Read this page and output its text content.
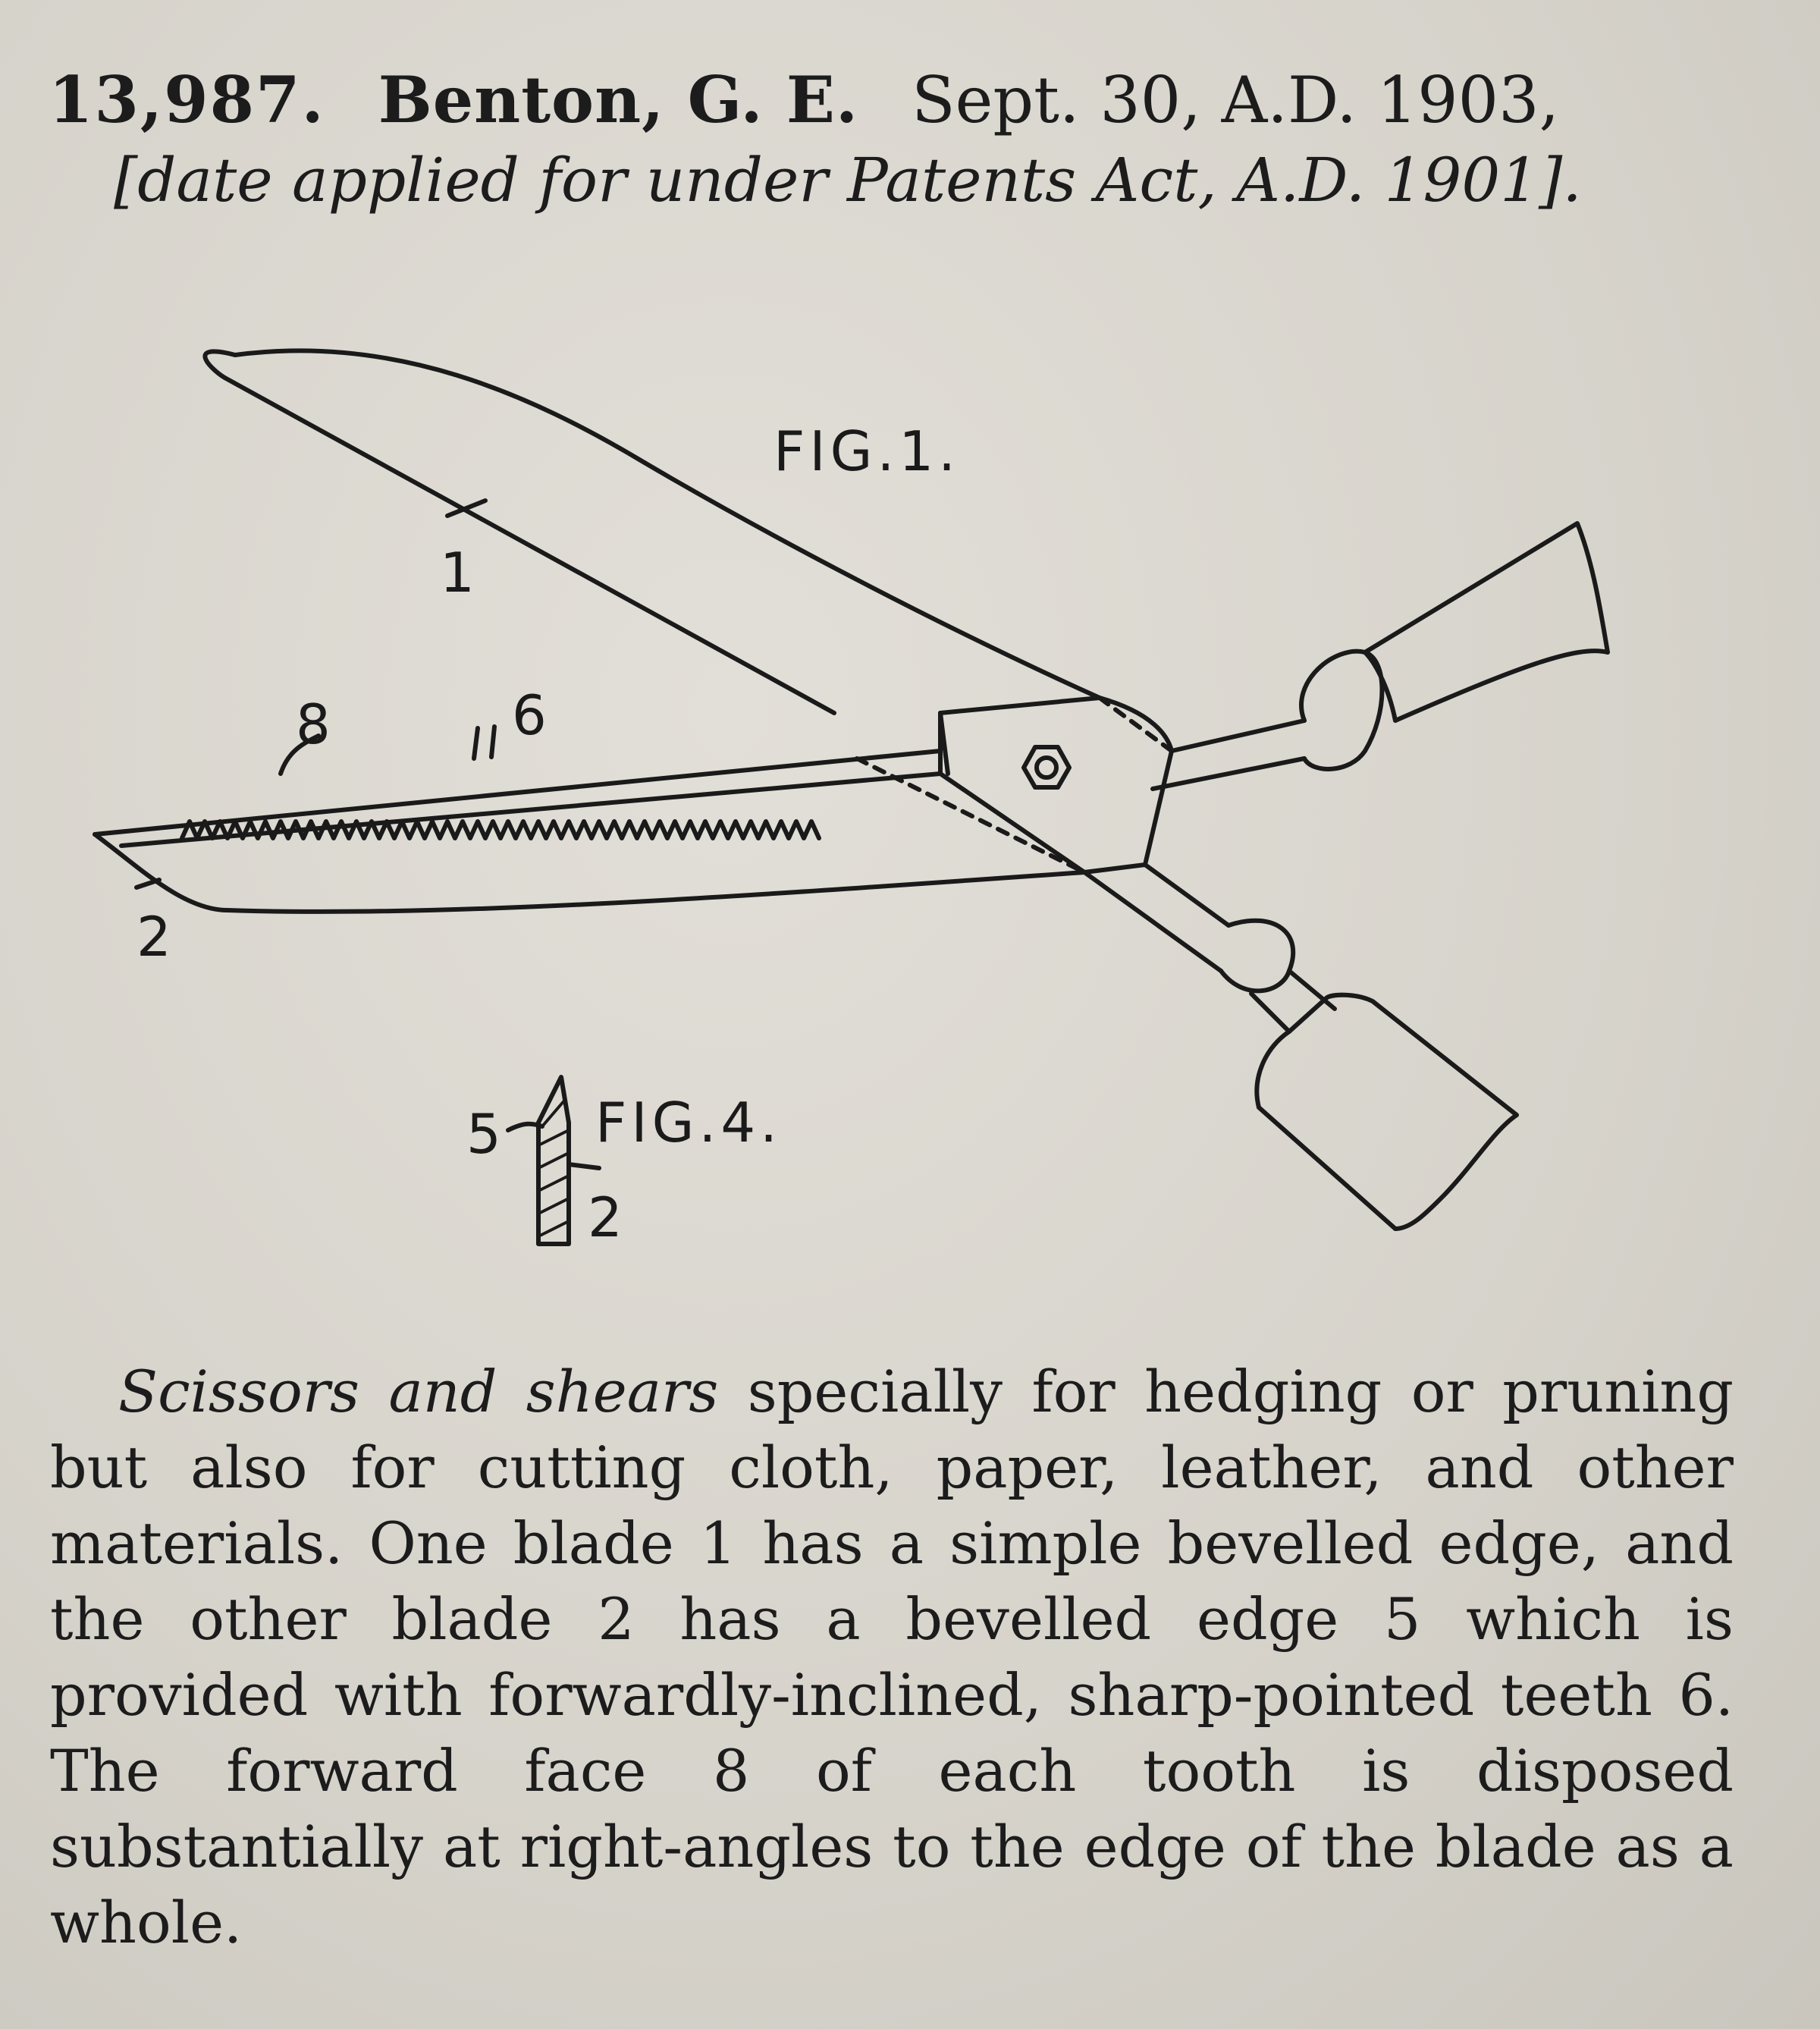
13,987. Benton, G. E. Sept. 30, A.D. 1903,
[date applied for under Patents Act, A.D. 1901].
FIG.1.
1
8	6
2
5 FIG.4.
2
Scissors and shears specially for hedging or pruning but also for cutting cloth, paper, leather, and other materials. One blade 1 has a simple bevelled edge, and the other blade 2 has a bevelled edge 5 which is provided with forwardly-inclined, sharp-pointed teeth 6. The forward face 8 of each tooth is disposed substantially at right-angles to the edge of the blade as a whole.
